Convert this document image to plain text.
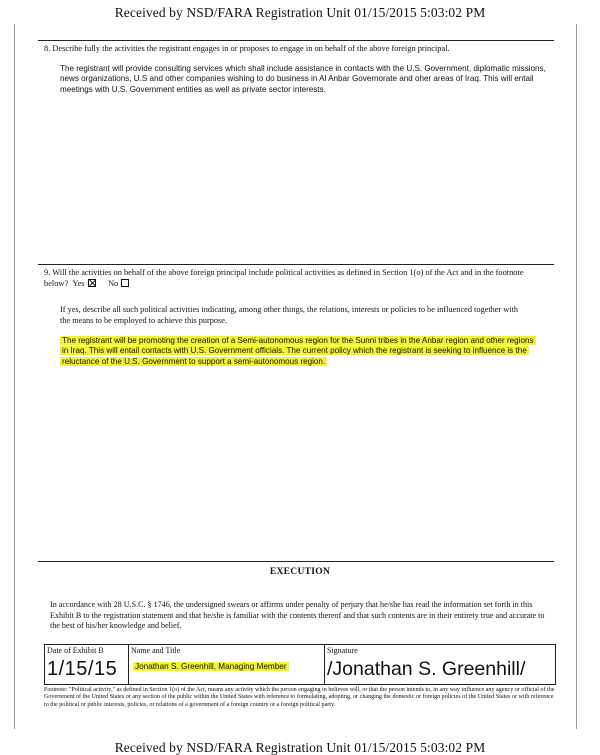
Received by NSD/FARA Registration Unit 01/15/2015 5:03:02 PM
8. Describe fully the activities the registrant engages in or proposes to engage in on behalf of the above foreign principal.
The registrant will provide consulting services which shall include assistance in contacts with the U.S. Government, diplomatic missions, news organizations, U.S and other companies wishing to do business in Al Anbar Governorate and oher areas of Iraq. This will entail meetings with U.S. Government entities as well as private sector interests.
9. Will the activities on behalf of the above foreign principal include political activities as defined in Section 1(o) of the Act and in the footnote below? Yes	No
If yes, describe all such political activities indicating, among other things, the relations, interests or policies to be influenced together with the means to be employed to achieve this purpose.
The registrant will be promoting the creation of a Semi-autonomous region for the Sunni tribes in the Anbar region and other regions in Iraq. This will entail contacts with U.S. Government officials. The current policy which the registrant is seeking to influence is the reluctance of the U.S. Government to support a semi-autonomous region.
EXECUTION
In accordance with 28 U.S.C. § 1746, the undersigned swears or affirms under penalty of perjury that he/she has read the information set forth in this Exhibit B to the registration statement and that he/she is familiar with the contents thereof and that such contents are in their entirety true and accurate to the best of his/her knowledge and belief.
Date of Exhibit B
1/15/15
Name and Title
Jonathan S. Greenhill, Managing Member
Signature
/Jonathan S. Greenhill/
Footnote: "Political activity," as defined in Section 1(o) of the Act, means any activity which the person engaging in believes will, or that the person intends to, in any way influence any agency or official of the Government of the United States or any section of the public within the United States with reference to formulating, adopting, or changing the domestic or foreign policies of the United States or with reference to the political or public interests, policies, or relations of a government of a foreign country or a foreign political party.
Received by NSD/FARA Registration Unit 01/15/2015 5:03:02 PM
